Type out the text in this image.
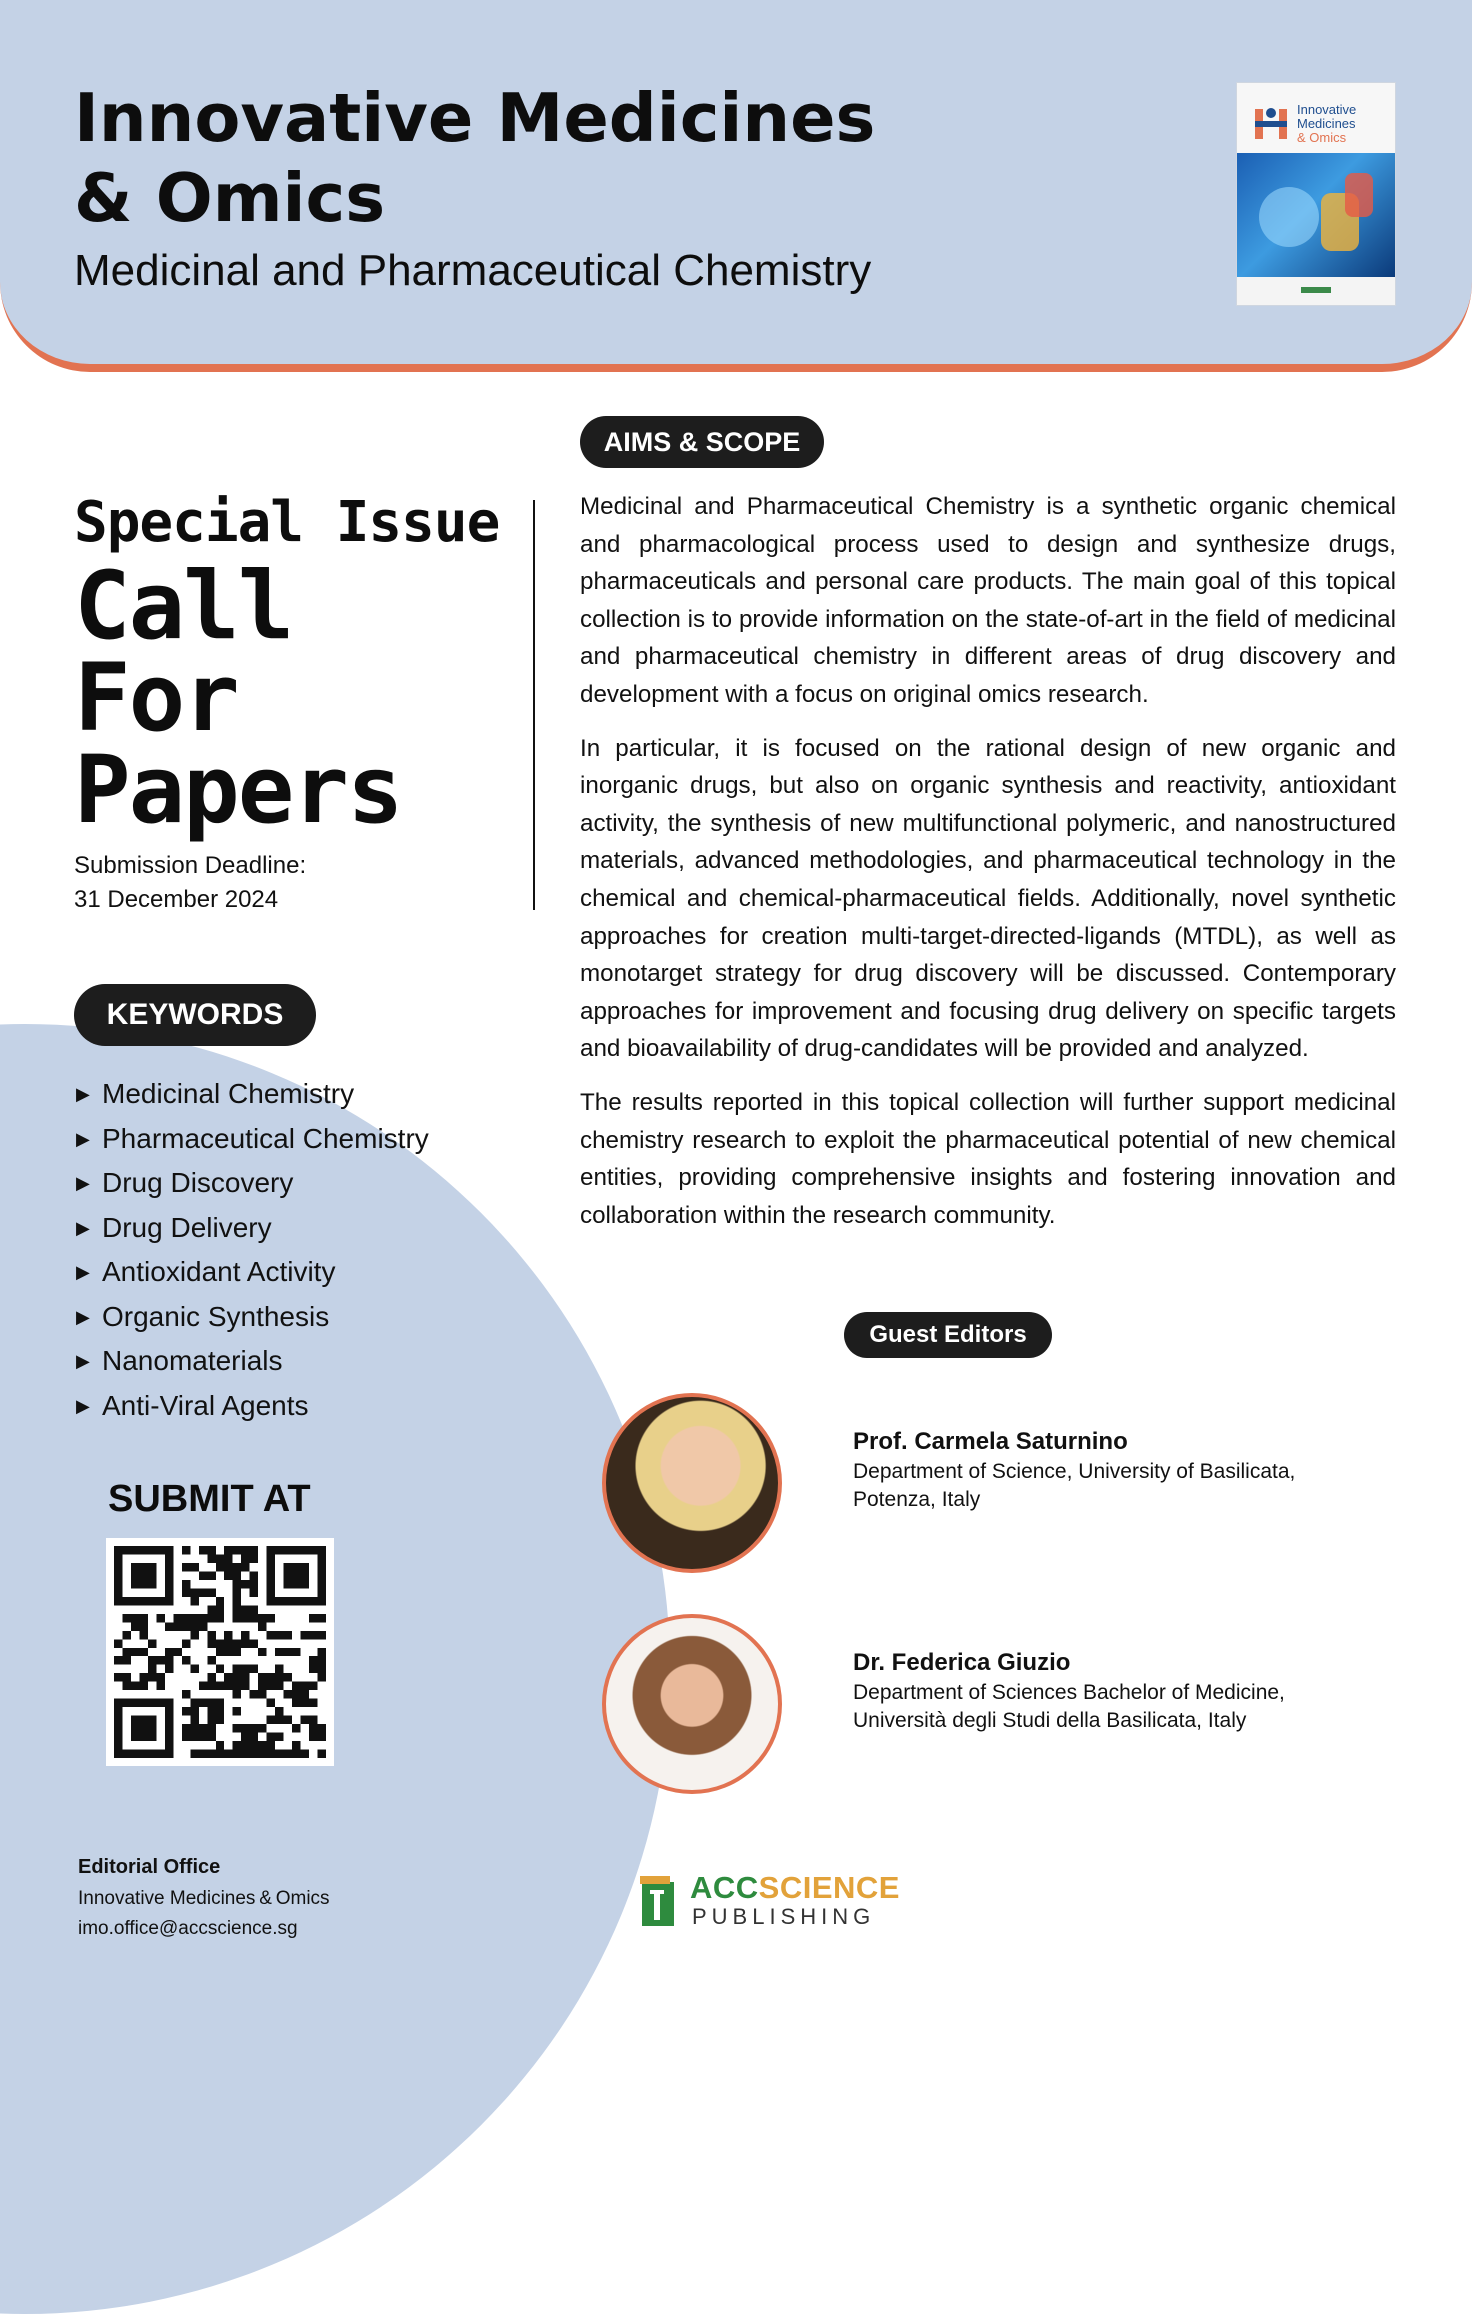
Innovative Medicines
& Omics
Medicinal and Pharmaceutical Chemistry
Innovative
Medicines
& Omics
Special Issue
Call
For
Papers
Submission Deadline:
31 December 2024
KEYWORDS
▶ Medicinal Chemistry
▶ Pharmaceutical Chemistry
▶ Drug Discovery
▶ Drug Delivery
▶ Antioxidant Activity
▶ Organic Synthesis
▶ Nanomaterials
▶ Anti-Viral Agents
SUBMIT AT
Editorial Office
Innovative Medicines & Omics
imo.office@accscience.sg
AIMS & SCOPE

Medicinal and Pharmaceutical Chemistry is a synthetic organic chemical and pharmacological process used to design and synthesize drugs, pharmaceuticals and personal care products. The main goal of this topical collection is to provide information on the state-of-art in the field of medicinal and pharmaceutical chemistry in different areas of drug discovery and development with a focus on original omics research.

In particular, it is focused on the rational design of new organic and inorganic drugs, but also on organic synthesis and reactivity, antioxidant activity, the synthesis of new multifunctional polymeric, and nanostructured materials, advanced methodologies, and pharmaceutical technology in the chemical and chemical-pharmaceutical fields. Additionally, novel synthetic approaches for creation multi-target-directed-ligands (MTDL), as well as monotarget strategy for drug discovery will be discussed. Contemporary approaches for improvement and focusing drug delivery on specific targets and bioavailability of drug-candidates will be provided and analyzed.

The results reported in this topical collection will further support medicinal chemistry research to exploit the pharmaceutical potential of new chemical entities, providing comprehensive insights and fostering innovation and collaboration within the research community.

Guest Editors
Prof. Carmela Saturnino
Department of Science, University of Basilicata,
Potenza, Italy
Dr. Federica Giuzio
Department of Sciences Bachelor of Medicine,
Università degli Studi della Basilicata, Italy
ACCSCIENCE
PUBLISHING
